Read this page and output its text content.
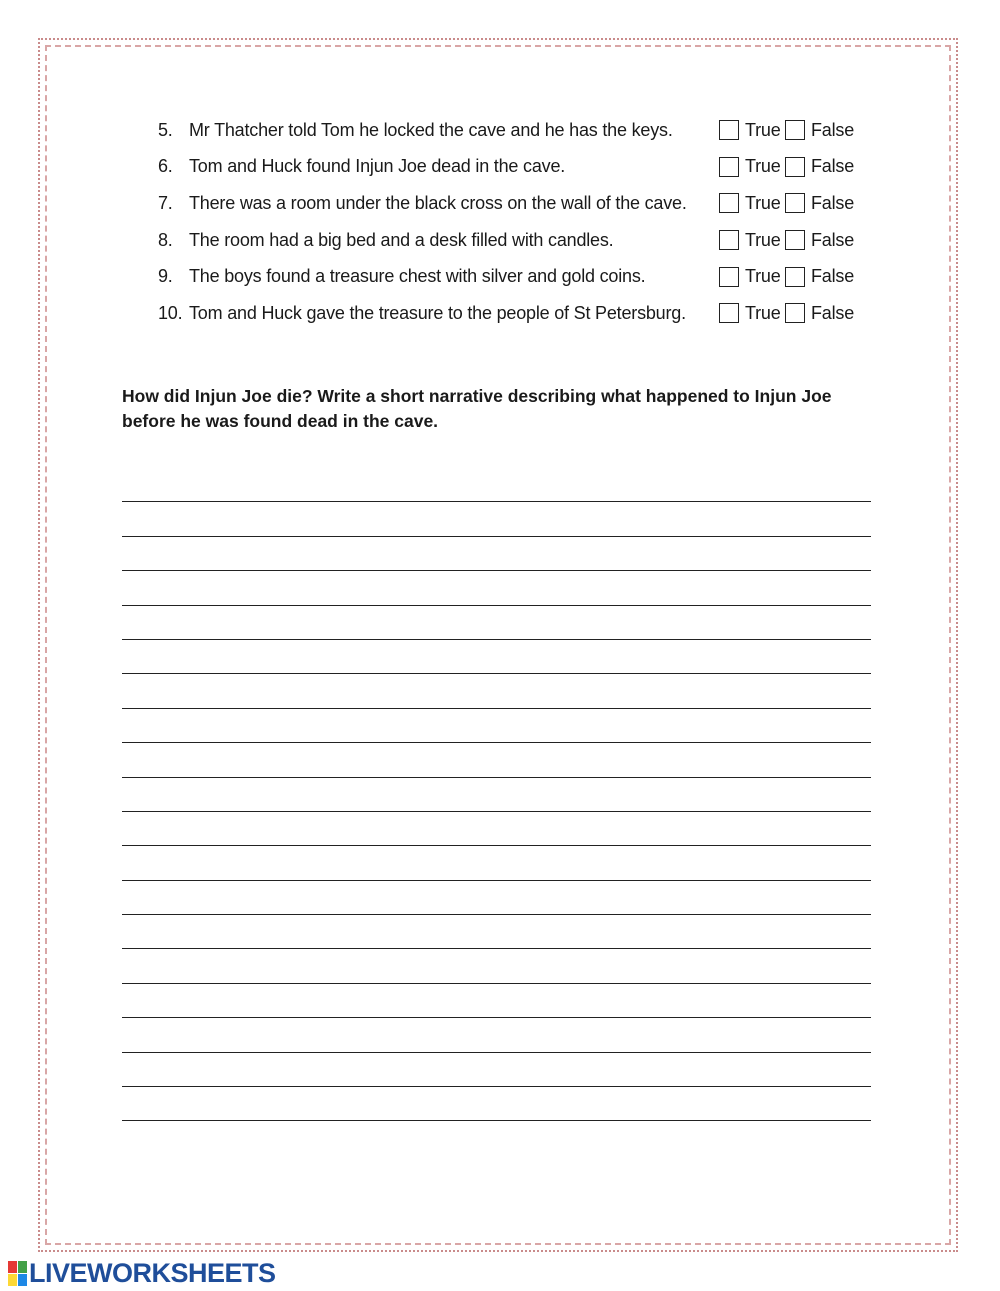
5. Mr Thatcher told Tom he locked the cave and he has the keys.	True False
6. Tom and Huck found Injun Joe dead in the cave.	True False
7. There was a room under the black cross on the wall of the cave.	True False
8. The room had a big bed and a desk filled with candles.	True False
9. The boys found a treasure chest with silver and gold coins.	True False
10. Tom and Huck gave the treasure to the people of St Petersburg.	True False
How did Injun Joe die? Write a short narrative describing what happened to Injun Joe
before he was found dead in the cave.
LIVEWORKSHEETS
